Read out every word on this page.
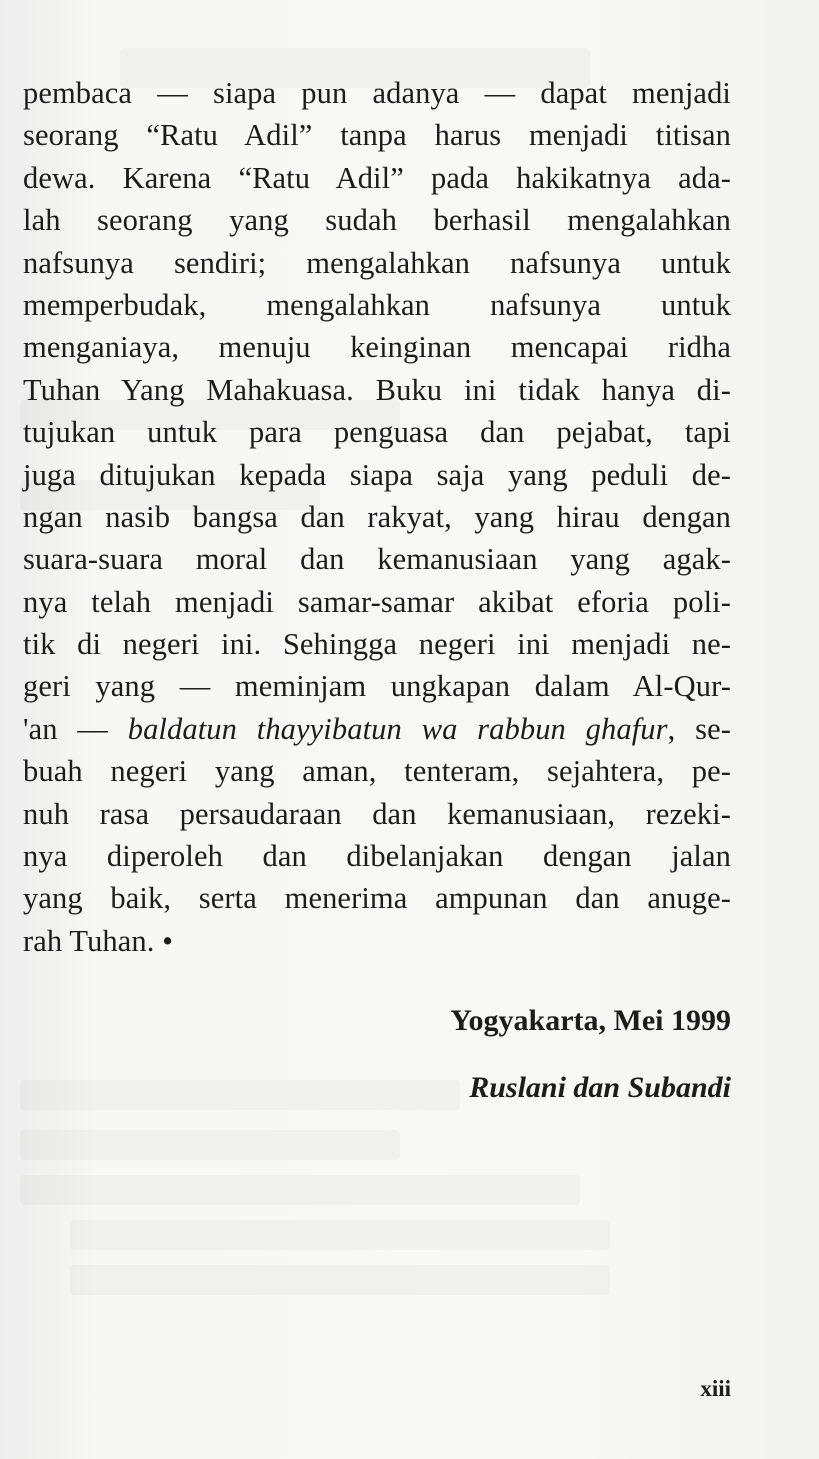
pembaca — siapa pun adanya — dapat menjadi
seorang “Ratu Adil” tanpa harus menjadi titisan
dewa. Karena “Ratu Adil” pada hakikatnya ada-
lah seorang yang sudah berhasil mengalahkan
nafsunya sendiri; mengalahkan nafsunya untuk
memperbudak, mengalahkan nafsunya untuk
menganiaya, menuju keinginan mencapai ridha
Tuhan Yang Mahakuasa. Buku ini tidak hanya di-
tujukan untuk para penguasa dan pejabat, tapi
juga ditujukan kepada siapa saja yang peduli de-
ngan nasib bangsa dan rakyat, yang hirau dengan
suara-suara moral dan kemanusiaan yang agak-
nya telah menjadi samar-samar akibat eforia poli-
tik di negeri ini. Sehingga negeri ini menjadi ne-
geri yang — meminjam ungkapan dalam Al-Qur-
'an — baldatun thayyibatun wa rabbun ghafur, se-
buah negeri yang aman, tenteram, sejahtera, pe-
nuh rasa persaudaraan dan kemanusiaan, rezeki-
nya diperoleh dan dibelanjakan dengan jalan
yang baik, serta menerima ampunan dan anuge-
rah Tuhan. •
Yogyakarta, Mei 1999
Ruslani dan Subandi
xiii
